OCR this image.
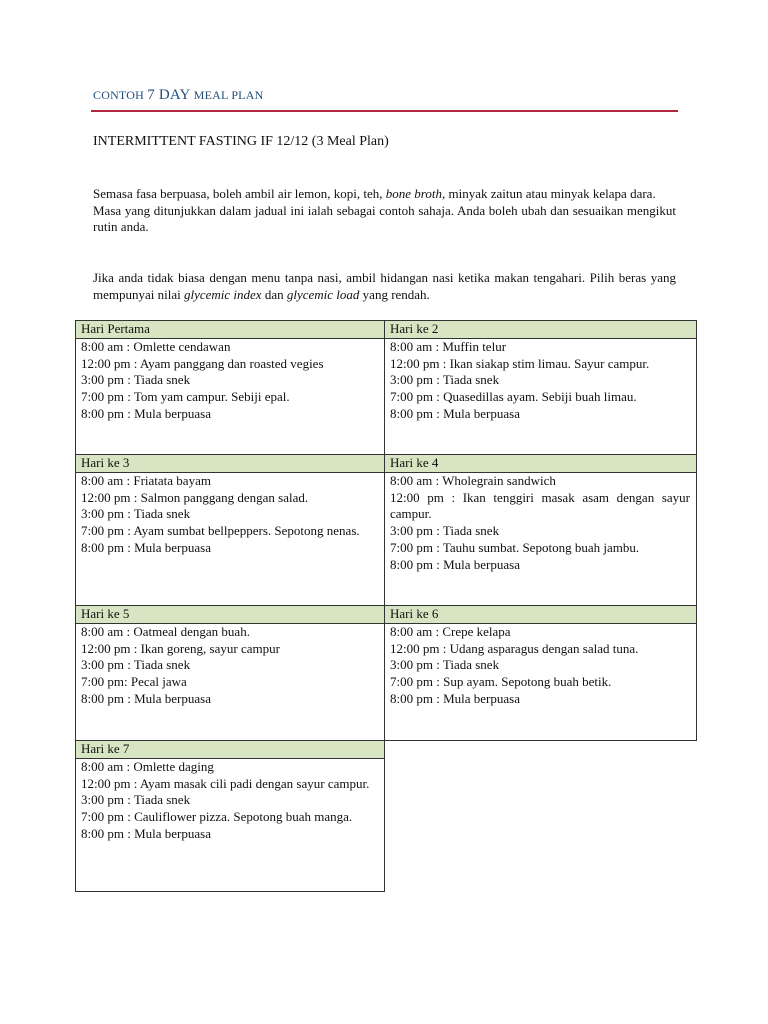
CONTOH 7 DAY MEAL PLAN
INTERMITTENT FASTING IF 12/12 (3 Meal Plan)

Semasa fasa berpuasa, boleh ambil air lemon, kopi, teh, bone broth, minyak zaitun atau minyak kelapa dara.

Masa yang ditunjukkan dalam jadual ini ialah sebagai contoh sahaja. Anda boleh ubah dan sesuaikan mengikut rutin anda.

Jika anda tidak biasa dengan menu tanpa nasi, ambil hidangan nasi ketika makan tengahari. Pilih beras yang mempunyai nilai glycemic index dan glycemic load yang rendah.

Hari Pertama

8:00 am : Omlette cendawan

12:00 pm : Ayam panggang dan roasted vegies

3:00 pm : Tiada snek

7:00 pm : Tom yam campur. Sebiji epal.

8:00 pm : Mula berpuasa

Hari ke 2

8:00 am : Muffin telur

12:00 pm : Ikan siakap stim limau. Sayur campur.

3:00 pm : Tiada snek

7:00 pm : Quasedillas ayam. Sebiji buah limau.

8:00 pm : Mula berpuasa

Hari ke 3

8:00 am : Friatata bayam

12:00 pm : Salmon panggang dengan salad.

3:00 pm : Tiada snek

7:00 pm : Ayam sumbat bellpeppers. Sepotong nenas.

8:00 pm : Mula berpuasa

Hari ke 4

8:00 am : Wholegrain sandwich

12:00 pm : Ikan tenggiri masak asam dengan sayur campur.

3:00 pm : Tiada snek

7:00 pm : Tauhu sumbat. Sepotong buah jambu.

8:00 pm : Mula berpuasa

Hari ke 5

8:00 am : Oatmeal dengan buah.

12:00 pm : Ikan goreng, sayur campur

3:00 pm : Tiada snek

7:00 pm: Pecal jawa

8:00 pm : Mula berpuasa

Hari ke 6

8:00 am : Crepe kelapa

12:00 pm : Udang asparagus dengan salad tuna.

3:00 pm : Tiada snek

7:00 pm : Sup ayam. Sepotong buah betik.

8:00 pm : Mula berpuasa

Hari ke 7

8:00 am : Omlette daging

12:00 pm : Ayam masak cili padi dengan sayur campur.

3:00 pm : Tiada snek

7:00 pm : Cauliflower pizza. Sepotong buah manga.

8:00 pm : Mula berpuasa
